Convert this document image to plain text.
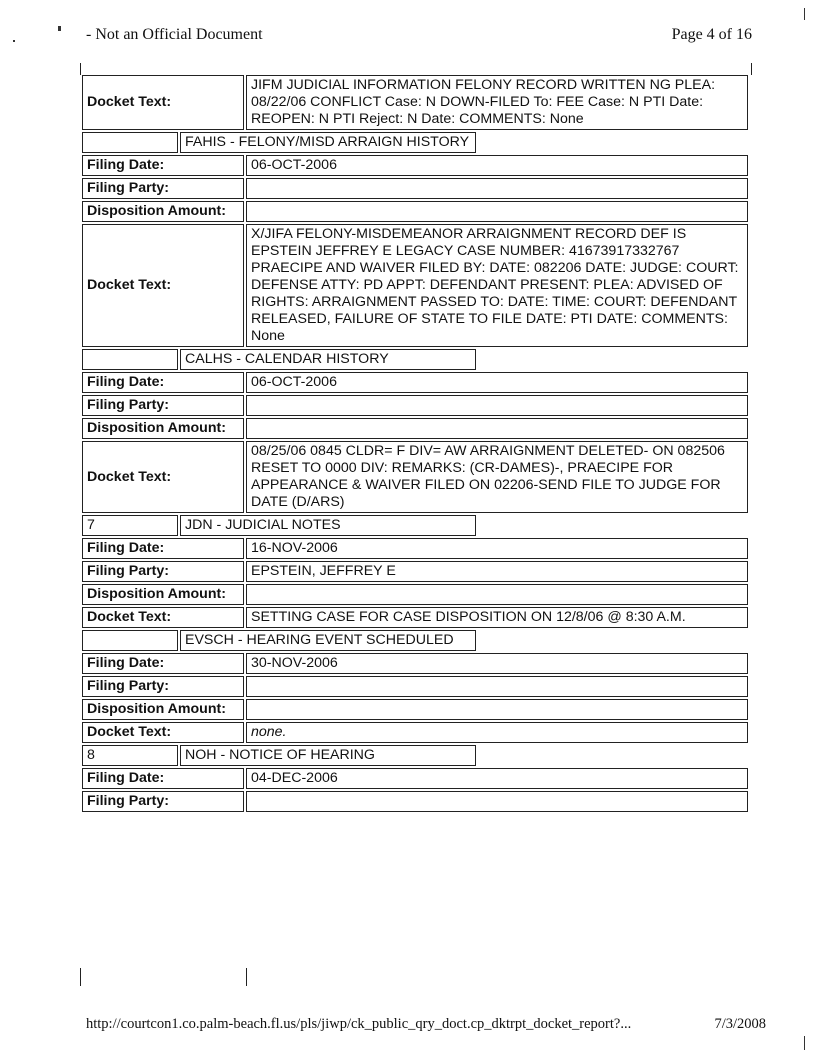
- Not an Official Document	Page 4 of 16
Docket Text:		JIFM JUDICIAL INFORMATION FELONY RECORD WRITTEN NG PLEA: 08/22/06 CONFLICT Case: N DOWN-FILED To: FEE Case: N PTI Date: REOPEN: N PTI Reject: N Date: COMMENTS: None	
	FAHIS - FELONY/MISD ARRAIGN HISTORY		
Filing Date:		06-OCT-2006	
Filing Party:			
Disposition Amount:			
Docket Text:		X/JIFA FELONY-MISDEMEANOR ARRAIGNMENT RECORD DEF IS EPSTEIN JEFFREY E LEGACY CASE NUMBER: 41673917332767 PRAECIPE AND WAIVER FILED BY: DATE: 082206 DATE: JUDGE: COURT: DEFENSE ATTY: PD APPT: DEFENDANT PRESENT: PLEA: ADVISED OF RIGHTS: ARRAIGNMENT PASSED TO: DATE: TIME: COURT: DEFENDANT RELEASED, FAILURE OF STATE TO FILE DATE: PTI DATE: COMMENTS: None	
	CALHS - CALENDAR HISTORY		
Filing Date:		06-OCT-2006	
Filing Party:			
Disposition Amount:			
Docket Text:		08/25/06 0845 CLDR= F DIV= AW ARRAIGNMENT DELETED- ON 082506 RESET TO 0000 DIV: REMARKS: (CR-DAMES)-, PRAECIPE FOR APPEARANCE & WAIVER FILED ON 02206-SEND FILE TO JUDGE FOR DATE (D/ARS)	
7	JDN - JUDICIAL NOTES		
Filing Date:		16-NOV-2006	
Filing Party:		EPSTEIN, JEFFREY E	
Disposition Amount:			
Docket Text:		SETTING CASE FOR CASE DISPOSITION ON 12/8/06 @ 8:30 A.M.	
	EVSCH - HEARING EVENT SCHEDULED		
Filing Date:		30-NOV-2006	
Filing Party:			
Disposition Amount:			
Docket Text:		none.	
8	NOH - NOTICE OF HEARING		
Filing Date:		04-DEC-2006	
Filing Party:			
http://courtcon1.co.palm-beach.fl.us/pls/jiwp/ck_public_qry_doct.cp_dktrpt_docket_report?...	7/3/2008
